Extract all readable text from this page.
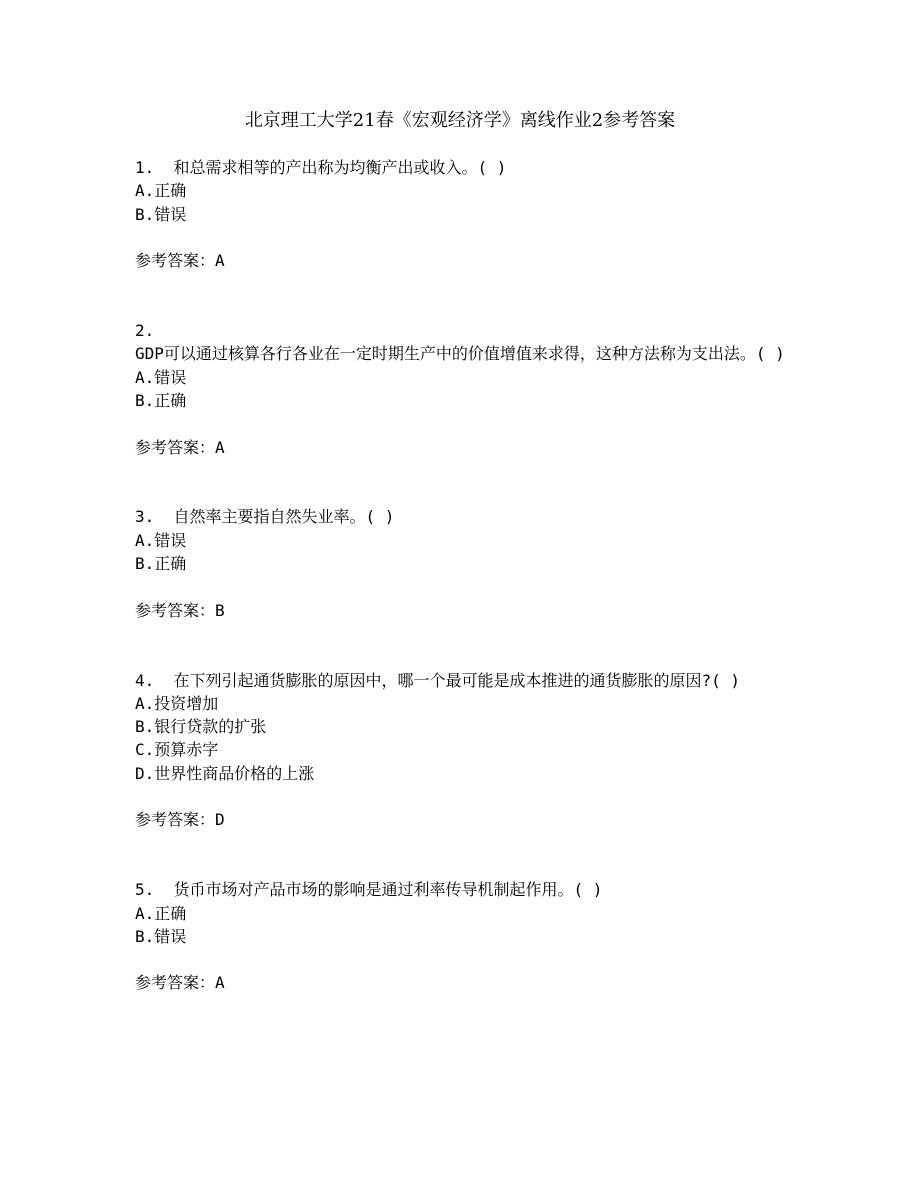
北京理工大学21春《宏观经济学》离线作业2参考答案
1. 和总需求相等的产出称为均衡产出或收入。( )
A.正确
B.错误
参考答案：A
2.
GDP可以通过核算各行各业在一定时期生产中的价值增值来求得，这种方法称为支出法。( )
A.错误
B.正确
参考答案：A
3. 自然率主要指自然失业率。( )
A.错误
B.正确
参考答案：B
4. 在下列引起通货膨胀的原因中，哪一个最可能是成本推进的通货膨胀的原因?( )
A.投资增加
B.银行贷款的扩张
C.预算赤字
D.世界性商品价格的上涨
参考答案：D
5. 货币市场对产品市场的影响是通过利率传导机制起作用。( )
A.正确
B.错误
参考答案：A
